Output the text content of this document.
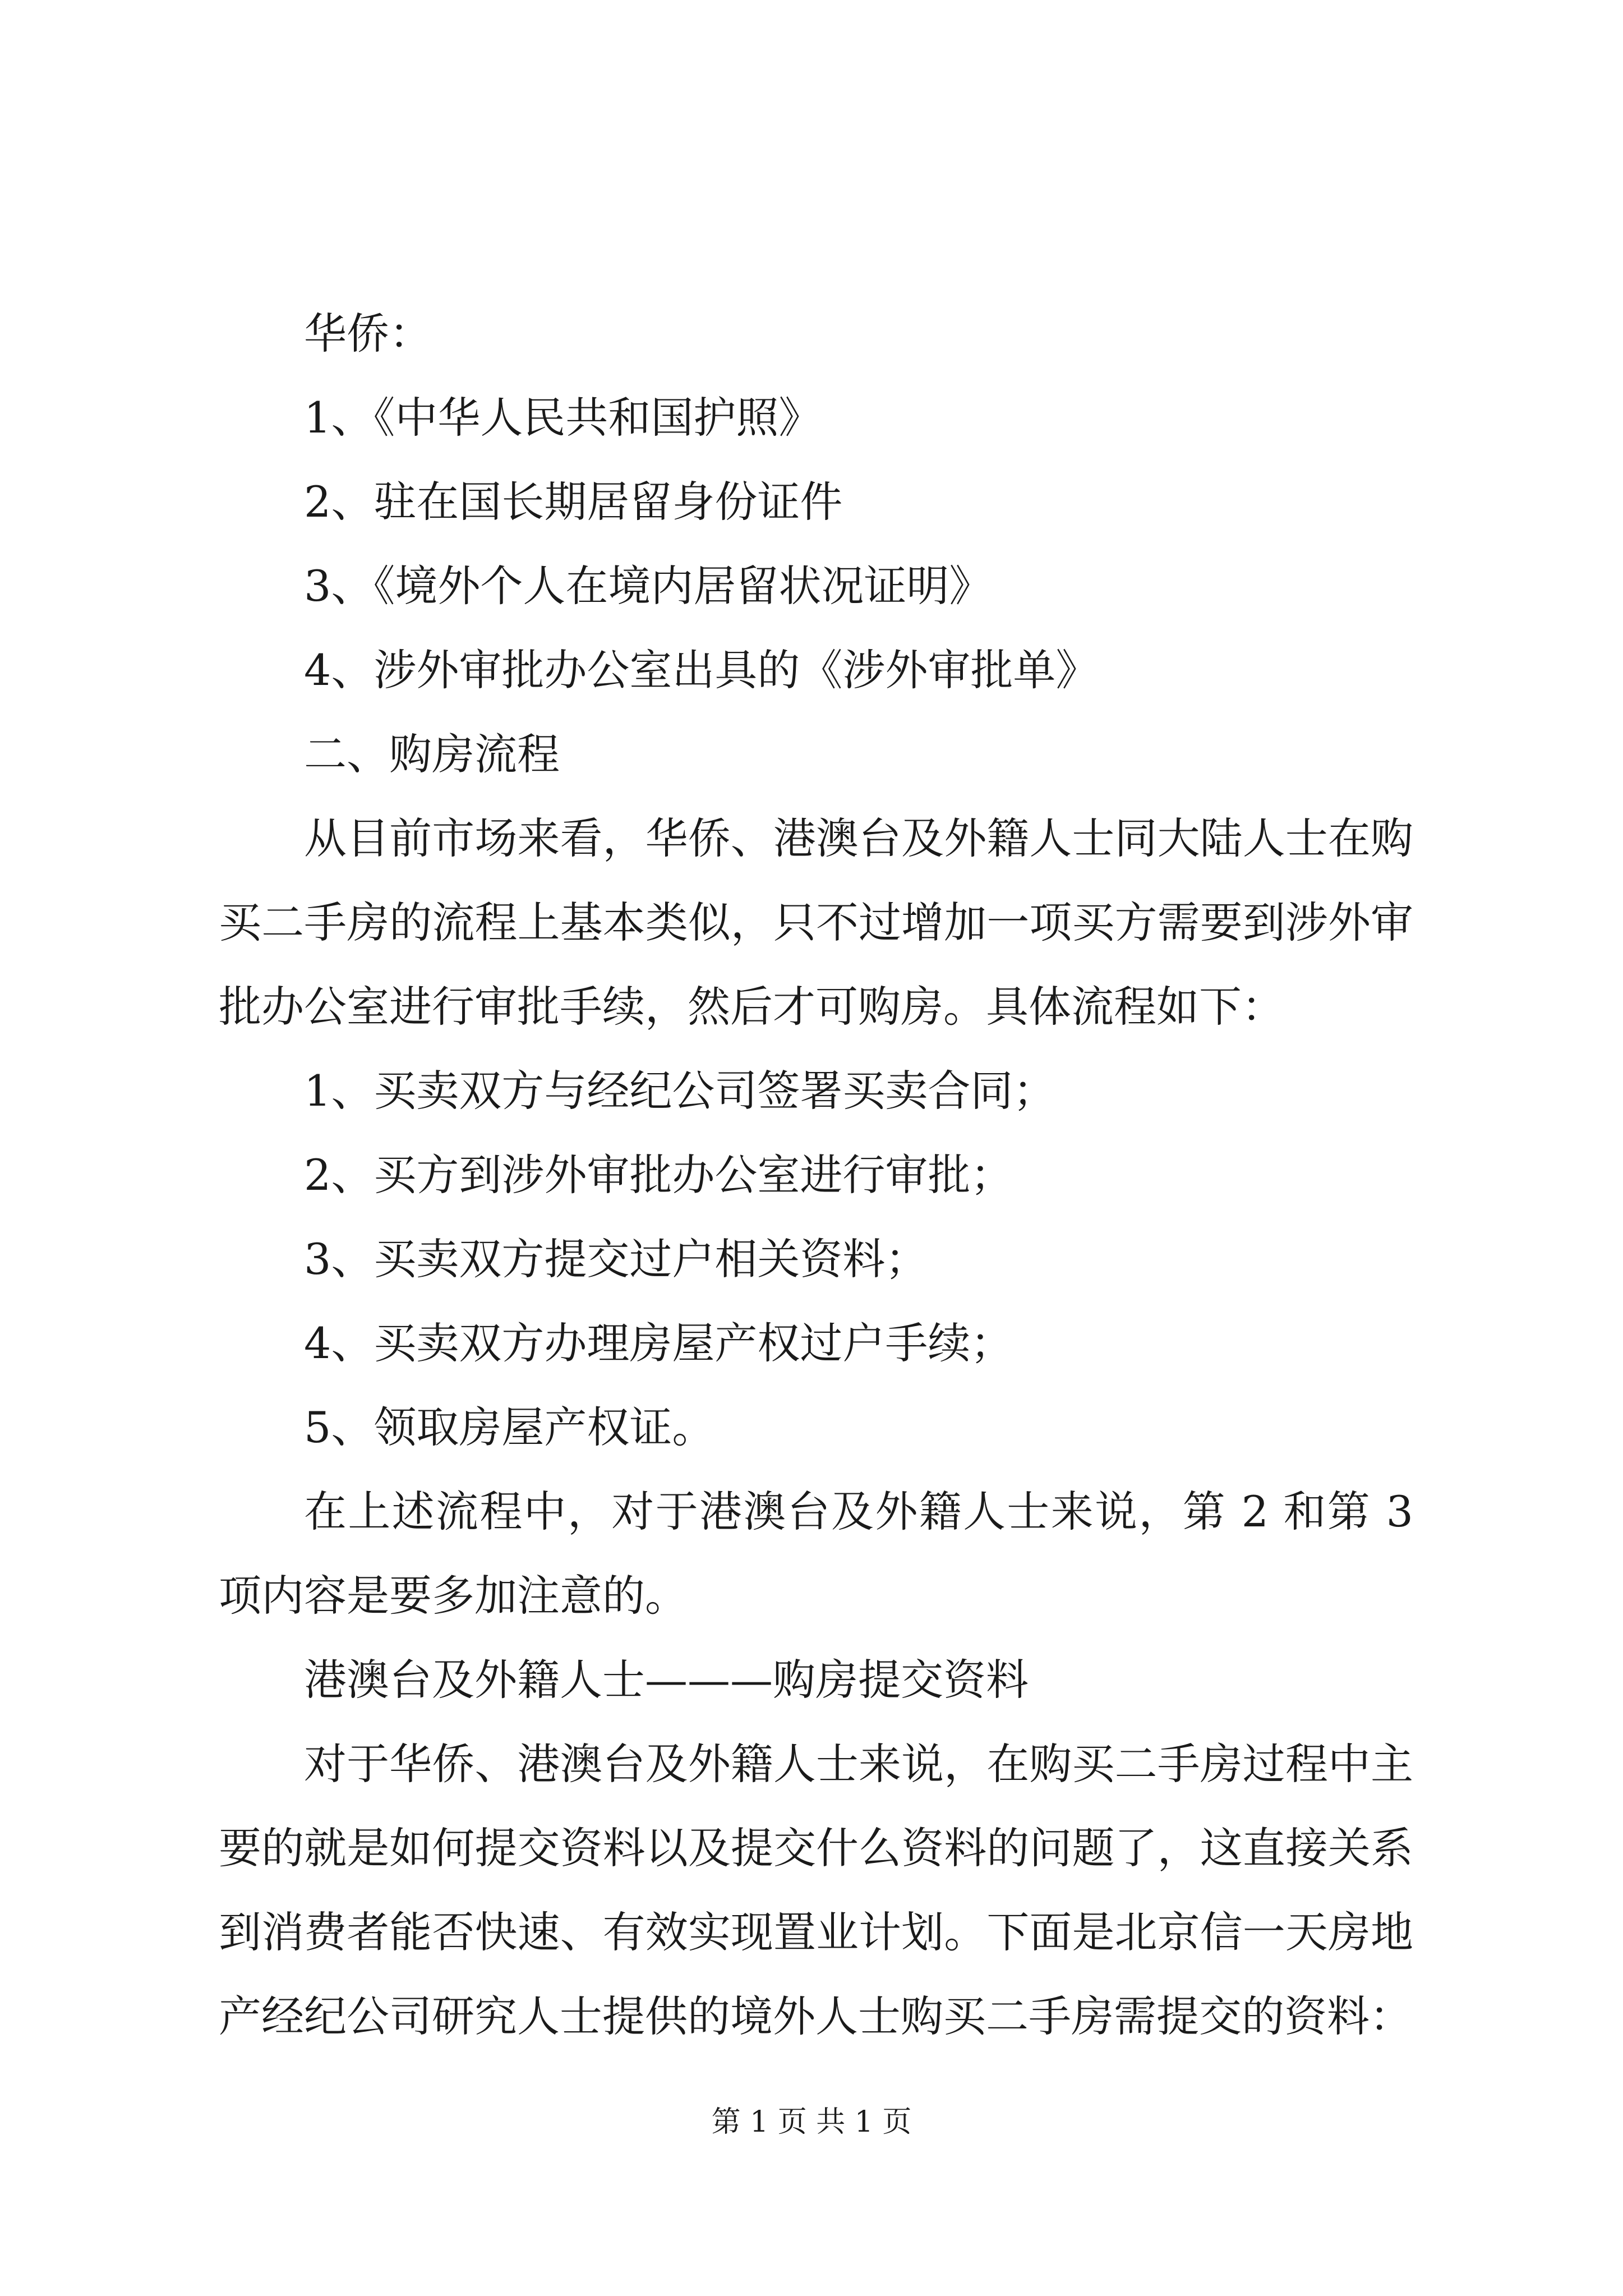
华侨：

1、《中华人民共和国护照》

2、驻在国长期居留身份证件

3、《境外个人在境内居留状况证明》

4、涉外审批办公室出具的《涉外审批单》

二、购房流程

从目前市场来看，华侨、港澳台及外籍人士同大陆人士在购买二手房的流程上基本类似，只不过增加一项买方需要到涉外审批办公室进行审批手续，然后才可购房。具体流程如下：

1、买卖双方与经纪公司签署买卖合同；

2、买方到涉外审批办公室进行审批；

3、买卖双方提交过户相关资料；

4、买卖双方办理房屋产权过户手续；

5、领取房屋产权证。

在上述流程中，对于港澳台及外籍人士来说，第 2 和第 3 项内容是要多加注意的。

港澳台及外籍人士———购房提交资料

对于华侨、港澳台及外籍人士来说，在购买二手房过程中主要的就是如何提交资料以及提交什么资料的问题了，这直接关系到消费者能否快速、有效实现置业计划。下面是北京信一天房地产经纪公司研究人士提供的境外人士购买二手房需提交的资料：

第 1 页 共 1 页
